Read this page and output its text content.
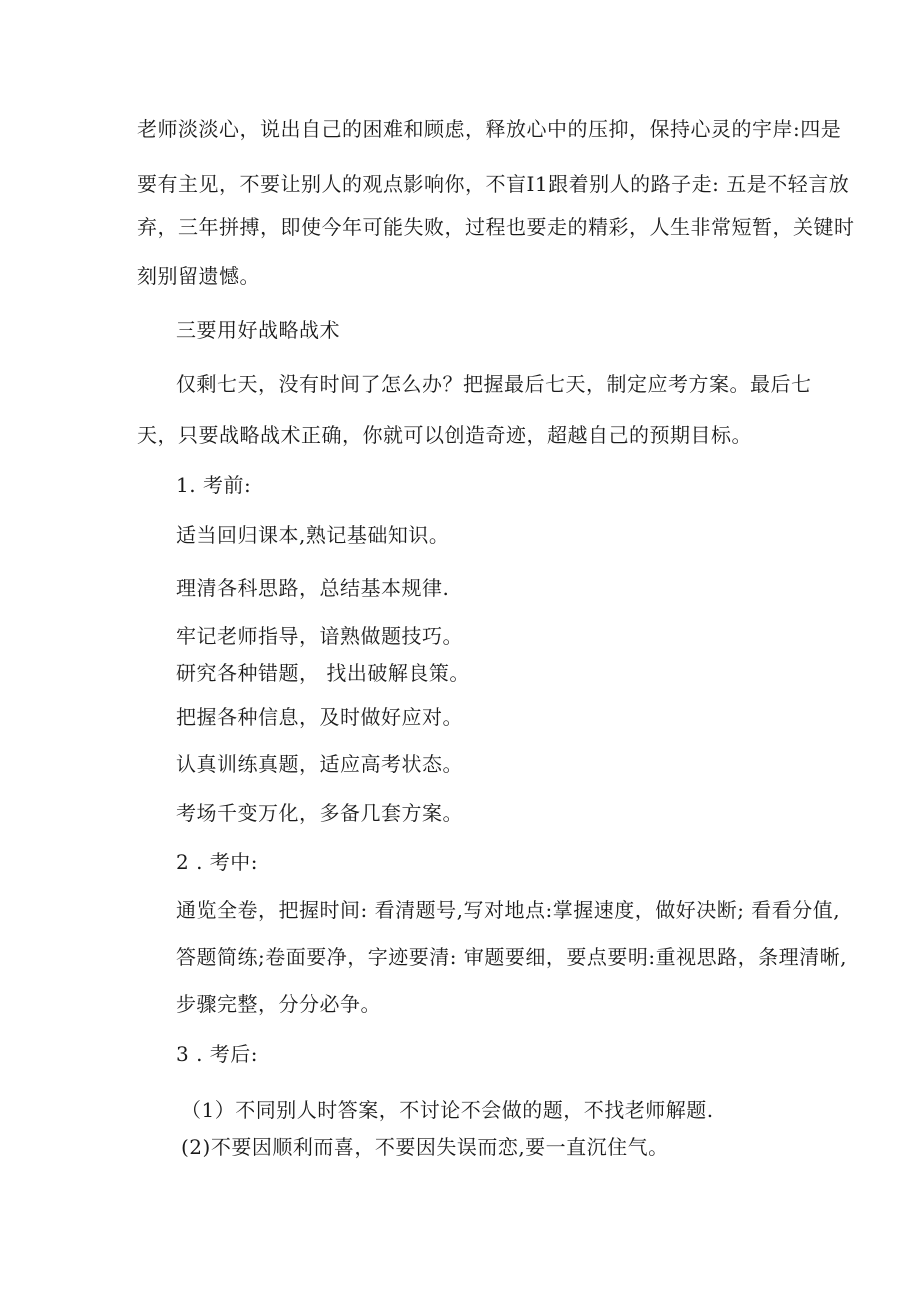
老师淡淡心，说出自己的困难和顾虑，释放心中的压抑，保持心灵的宇岸:四是
要有主见，不要让别人的观点影响你，不盲I1跟着别人的路子走: 五是不轻言放
弃，三年拼搏，即使今年可能失败，过程也要走的精彩，人生非常短暂，关键时
刻别留遗憾。
三要用好战略战术
仅剩七天，没有时间了怎么办？把握最后七天，制定应考方案。最后七
天，只要战略战术正确，你就可以创造奇迹，超越自己的预期目标。
1. 考前:
适当回归课本,熟记基础知识。
理清各科思路，总结基本规律.
牢记老师指导，谙熟做题技巧。
研究各种错题， 找出破解良策。
把握各种信息，及时做好应对。
认真训练真题，适应高考状态。
考场千变万化，多备几套方案。
2 . 考中:
通览全卷，把握时间: 看清题号,写对地点:掌握速度，做好决断; 看看分值,
答题简练;卷面要净，字迹要清: 审题要细，要点要明:重视思路，条理清晰,
步骤完整，分分必争。
3 . 考后:
（1）不同别人时答案，不讨论不会做的题，不找老师解题.
(2)不要因顺利而喜，不要因失误而恋,要一直沉住气。
